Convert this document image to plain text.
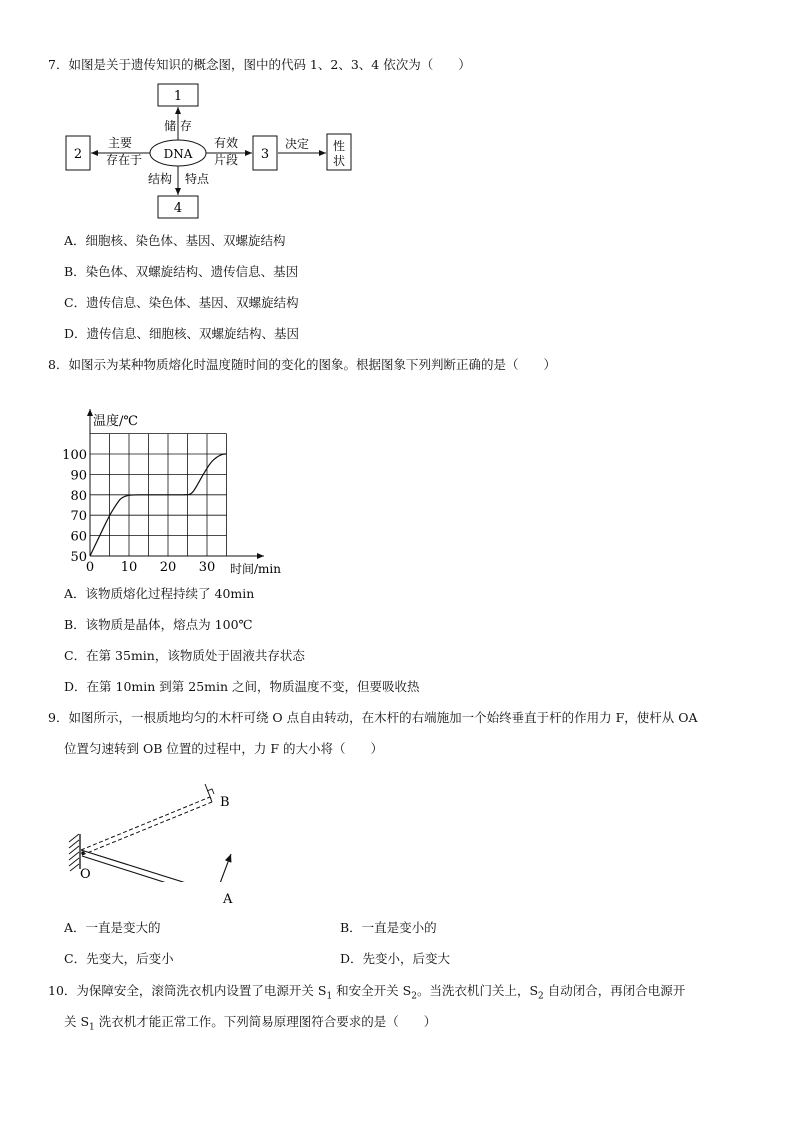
7．如图是关于遗传知识的概念图，图中的代码 1、2、3、4 依次为（　　）
1
2	DNA	3
性
状
4
储 存
主要
存在于
有效
片段
决定
结构 特点
A．细胞核、染色体、基因、双螺旋结构
B．染色体、双螺旋结构、遗传信息、基因
C．遗传信息、染色体、基因、双螺旋结构
D．遗传信息、细胞核、双螺旋结构、基因
8．如图示为某种物质熔化时温度随时间的变化的图象。根据图象下列判断正确的是（　　）
50
60
70
80
90
100
0 10 20 30
温度/℃
时间/min
A．该物质熔化过程持续了 40min
B．该物质是晶体，熔点为 100℃
C．在第 35min，该物质处于固液共存状态
D．在第 10min 到第 25min 之间，物质温度不变，但要吸收热
9．如图所示，一根质地均匀的木杆可绕 O 点自由转动，在木杆的右端施加一个始终垂直于杆的作用力 F，使杆从 OA
位置匀速转到 OB 位置的过程中，力 F 的大小将（　　）
B
O
A
A．一直是变大的	B．一直是变小的
C．先变大，后变小	D．先变小，后变大
10．为保障安全，滚筒洗衣机内设置了电源开关 $S_1$ 和安全开关 $S_2$。当洗衣机门关上，$S_2$ 自动闭合，再闭合电源开
关 $S_1$ 洗衣机才能正常工作。下列简易原理图符合要求的是（　　）
